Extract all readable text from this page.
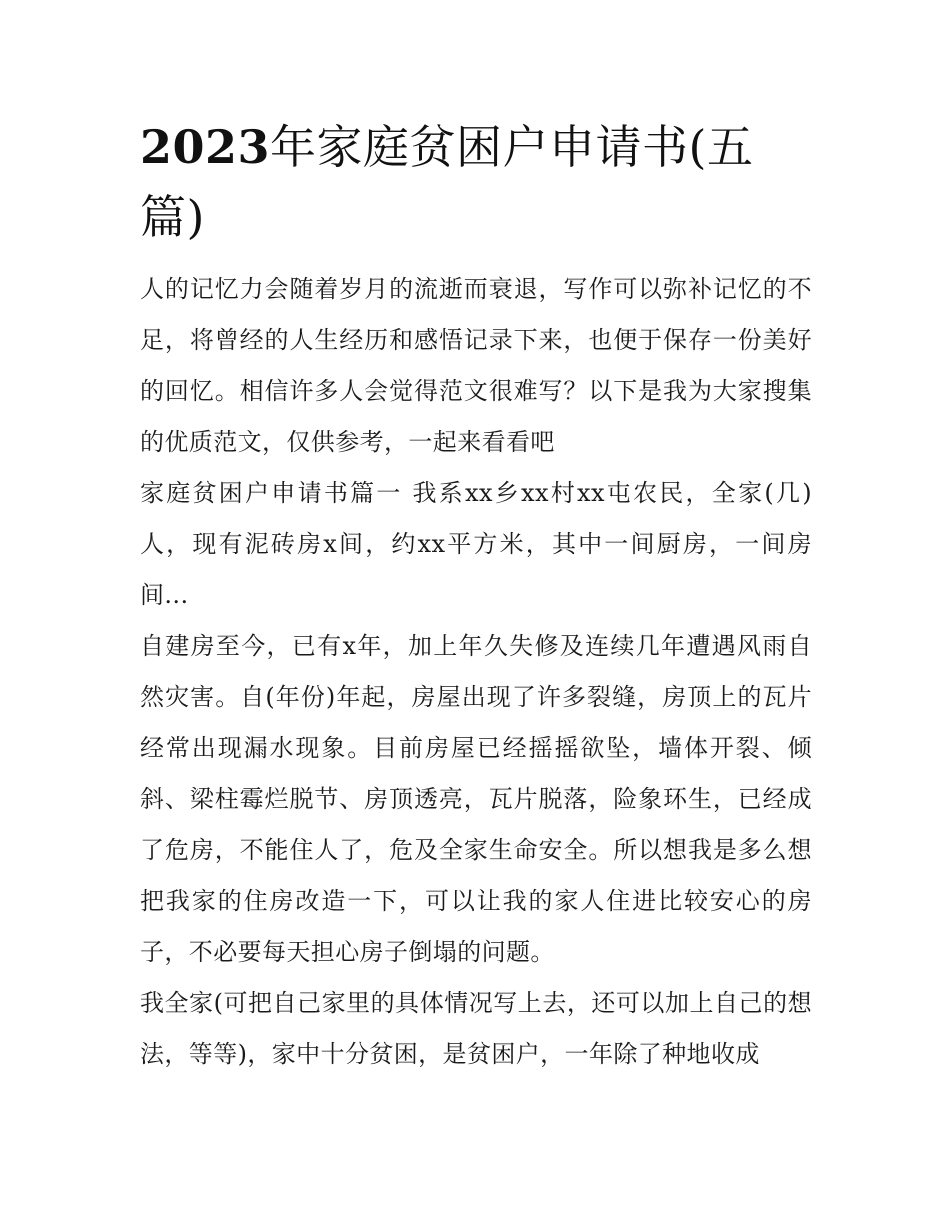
2023年家庭贫困户申请书(五篇)

人的记忆力会随着岁月的流逝而衰退，写作可以弥补记忆的不足，将曾经的人生经历和感悟记录下来，也便于保存一份美好的回忆。相信许多人会觉得范文很难写？以下是我为大家搜集的优质范文，仅供参考，一起来看看吧

家庭贫困户申请书篇一 我系xx乡xx村xx屯农民，全家(几)人，现有泥砖房x间，约xx平方米，其中一间厨房，一间房间...

自建房至今，已有x年，加上年久失修及连续几年遭遇风雨自然灾害。自(年份)年起，房屋出现了许多裂缝，房顶上的瓦片经常出现漏水现象。目前房屋已经摇摇欲坠，墙体开裂、倾斜、梁柱霉烂脱节、房顶透亮，瓦片脱落，险象环生，已经成了危房，不能住人了，危及全家生命安全。所以想我是多么想把我家的住房改造一下，可以让我的家人住进比较安心的房子，不必要每天担心房子倒塌的问题。

我全家(可把自己家里的具体情况写上去，还可以加上自己的想法，等等)，家中十分贫困，是贫困户，一年除了种地收成
